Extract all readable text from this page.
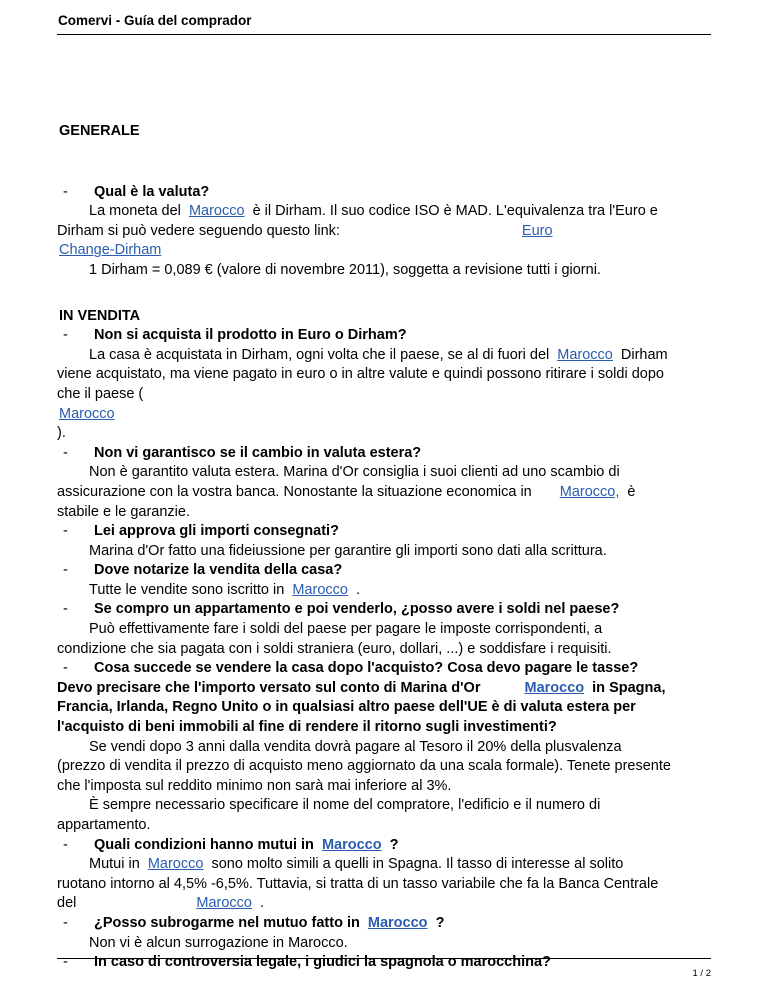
Comervi - Guía del comprador

GENERALE

- Qual è la valuta?

La moneta del Marocco è il Dirham. Il suo codice ISO è MAD. L'equivalenza tra l'Euro e

Dirham si può vedere seguendo questo link:	Euro

Change-Dirham

1 Dirham = 0,089 € (valore di novembre 2011), soggetta a revisione tutti i giorni.

IN VENDITA

- Non si acquista il prodotto in Euro o Dirham?

La casa è acquistata in Dirham, ogni volta che il paese, se al di fuori del Marocco Dirham

viene acquistato, ma viene pagato in euro o in altre valute e quindi possono ritirare i soldi dopo

che il paese (

Marocco

).

- Non vi garantisco se il cambio in valuta estera?

Non è garantito valuta estera. Marina d'Or consiglia i suoi clienti ad uno scambio di

assicurazione con la vostra banca. Nonostante la situazione economica in Marocco, è

stabile e le garanzie.

- Lei approva gli importi consegnati?

Marina d'Or fatto una fideiussione per garantire gli importi sono dati alla scrittura.

- Dove notarize la vendita della casa?

Tutte le vendite sono iscritto in Marocco .

- Se compro un appartamento e poi venderlo, ¿posso avere i soldi nel paese?

Può effettivamente fare i soldi del paese per pagare le imposte corrispondenti, a

condizione che sia pagata con i soldi straniera (euro, dollari, ...) e soddisfare i requisiti.

- Cosa succede se vendere la casa dopo l'acquisto? Cosa devo pagare le tasse?

Devo precisare che l'importo versato sul conto di Marina d'Or	Marocco in Spagna,

Francia, Irlanda, Regno Unito o in qualsiasi altro paese dell'UE è di valuta estera per

l'acquisto di beni immobili al fine di rendere il ritorno sugli investimenti?

Se vendi dopo 3 anni dalla vendita dovrà pagare al Tesoro il 20% della plusvalenza

(prezzo di vendita il prezzo di acquisto meno aggiornato da una scala formale). Tenete presente

che l'imposta sul reddito minimo non sarà mai inferiore al 3%.

È sempre necessario specificare il nome del compratore, l'edificio e il numero di

appartamento.

- Quali condizioni hanno mutui in Marocco ?

Mutui in Marocco sono molto simili a quelli in Spagna. Il tasso di interesse al solito

ruotano intorno al 4,5% -6,5%. Tuttavia, si tratta di un tasso variabile che fa la Banca Centrale

del	Marocco .

- ¿Posso subrogarme nel mutuo fatto in Marocco ?

Non vi è alcun surrogazione in Marocco.

- In caso di controversia legale, i giudici la spagnola o marocchina?

1 / 2
